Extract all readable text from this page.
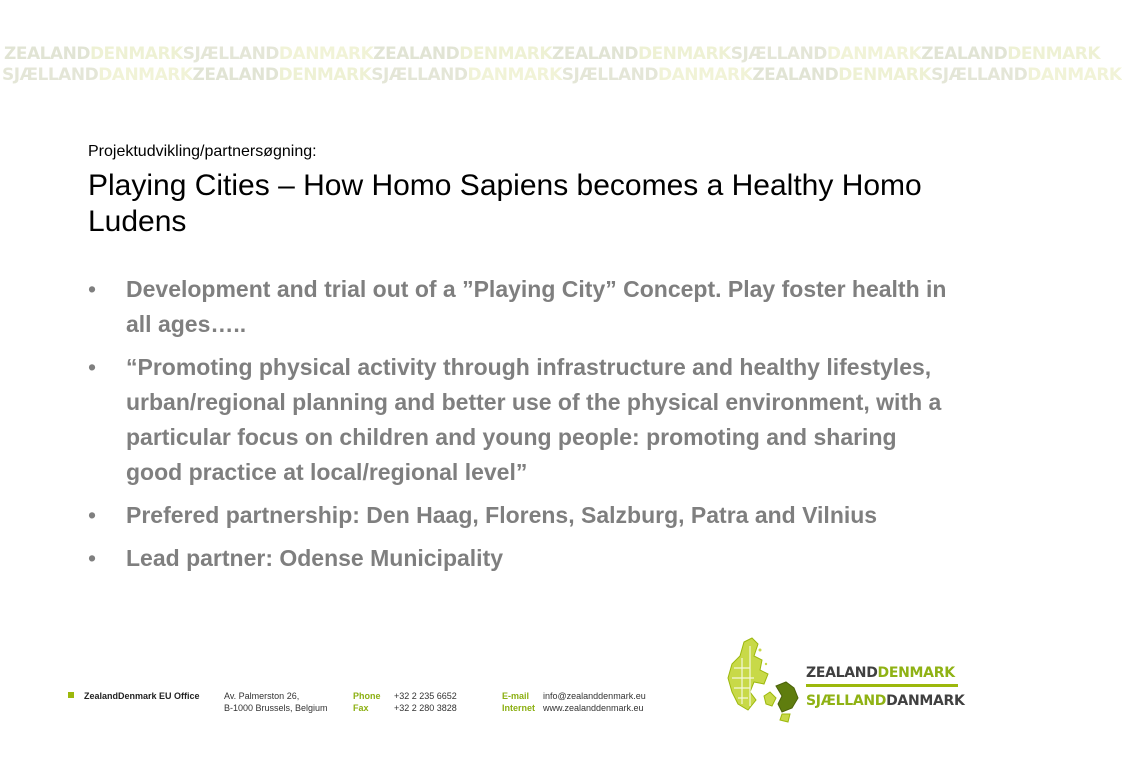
ZEALANDDENMARKSJÆLLANDDANMARKZEALANDDENMARKZEALANDDENMARKSJÆLLANDDANMARKZEALANDDENMARK
SJÆLLANDDANMARKZEALANDDENMARKSJÆLLANDDANMARKSJÆLLANDDANMARKZEALANDDENMARKSJÆLLANDDANMARK
Projektudvikling/partnersøgning:
Playing Cities – How Homo Sapiens becomes a Healthy Homo Ludens
• Development and trial out of a ”Playing City” Concept. Play foster health in all ages…..
• “Promoting physical activity through infrastructure and healthy lifestyles, urban/regional planning and better use of the physical environment, with a particular focus on children and young people: promoting and sharing good practice at local/regional level”
• Prefered partnership: Den Haag, Florens, Salzburg, Patra and Vilnius
• Lead partner: Odense Municipality
ZealandDenmark EU Office	Av. Palmerston 26,
B-1000 Brussels, Belgium
Phone
Fax
+32 2 235 6652
+32 2 280 3828
E-mail
Internet
info@zealanddenmark.eu
www.zealanddenmark.eu
ZEALANDDENMARK
SJÆLLANDDANMARK
